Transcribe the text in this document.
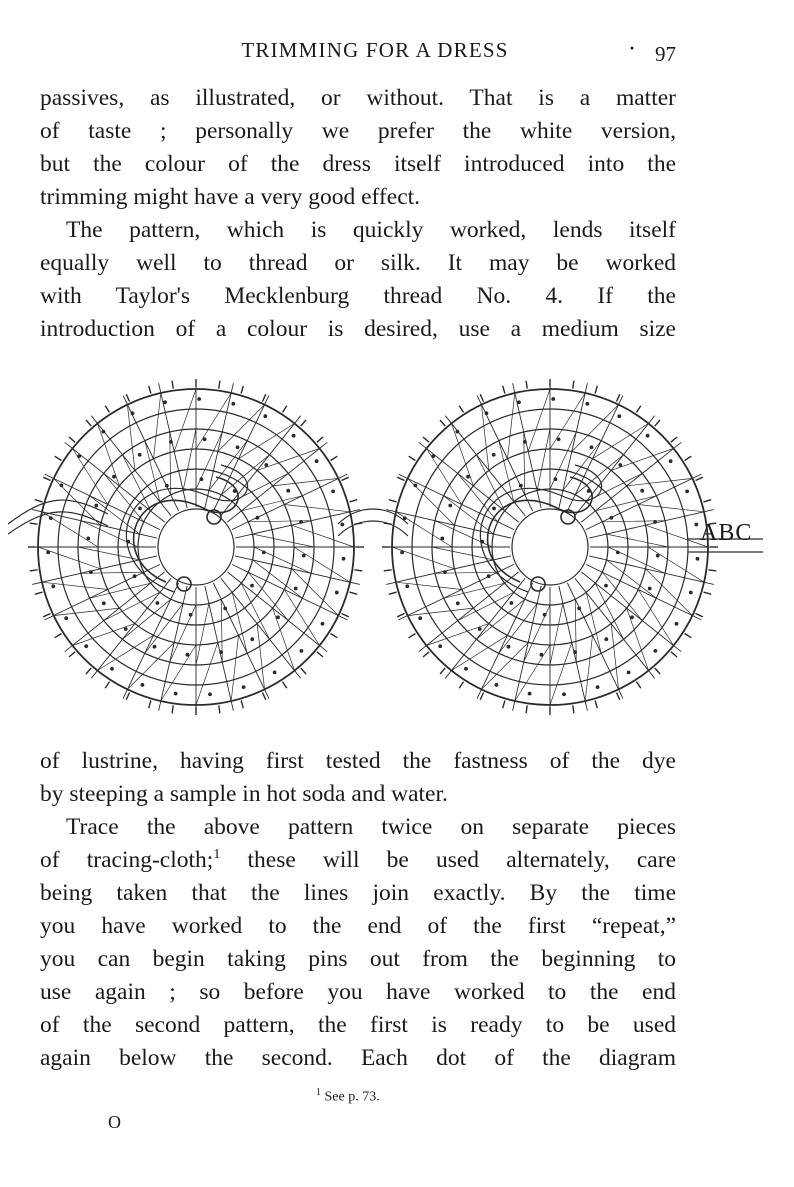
TRIMMING FOR A DRESS	· 97

passives, as illustrated, or without. That is a matter
of taste ; personally we prefer the white version,
but the colour of the dress itself introduced into the
trimming might have a very good effect.

The pattern, which is quickly worked, lends itself
equally well to thread or silk. It may be worked
with Taylor's Mecklenburg thread No. 4. If the
introduction of a colour is desired, use a medium size

ABC

of lustrine, having first tested the fastness of the dye
by steeping a sample in hot soda and water.

Trace the above pattern twice on separate pieces
of tracing-cloth;$^1$ these will be used alternately, care
being taken that the lines join exactly. By the time
you have worked to the end of the first “repeat,”
you can begin taking pins out from the beginning to
use again ; so before you have worked to the end
of the second pattern, the first is ready to be used
again below the second. Each dot of the diagram

$^1$ See p. 73.
O
